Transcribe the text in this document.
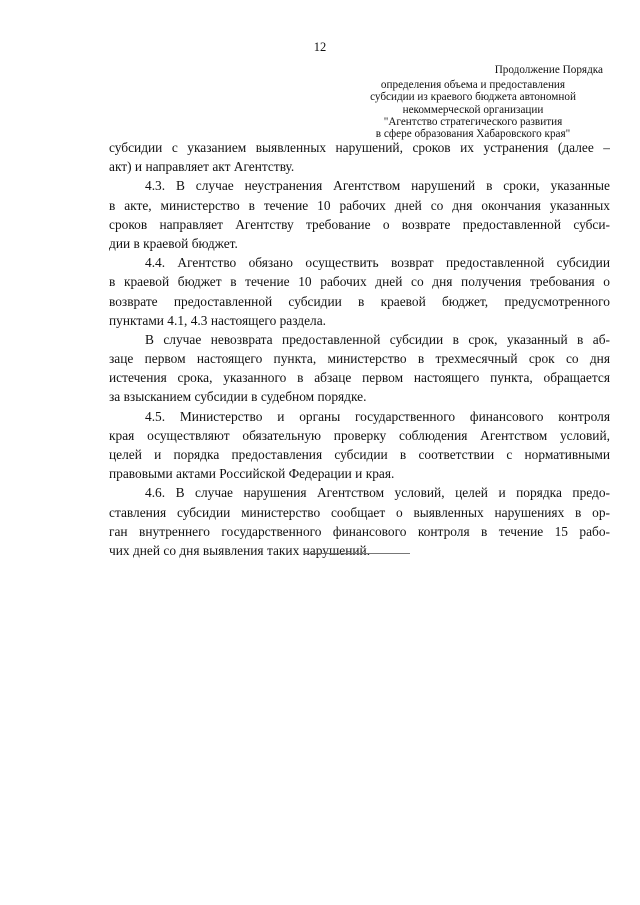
12
Продолжение Порядка
определения объема и предоставления
субсидии из краевого бюджета автономной
некоммерческой организации
"Агентство стратегического развития
в сфере образования Хабаровского края"
субсидии с указанием выявленных нарушений, сроков их устранения (далее –
акт) и направляет акт Агентству.
4.3. В случае неустранения Агентством нарушений в сроки, указанные
в акте, министерство в течение 10 рабочих дней со дня окончания указанных
сроков направляет Агентству требование о возврате предоставленной субси-
дии в краевой бюджет.
4.4. Агентство обязано осуществить возврат предоставленной субсидии
в краевой бюджет в течение 10 рабочих дней со дня получения требования о
возврате предоставленной субсидии в краевой бюджет, предусмотренного
пунктами 4.1, 4.3 настоящего раздела.
В случае невозврата предоставленной субсидии в срок, указанный в аб-
заце первом настоящего пункта, министерство в трехмесячный срок со дня
истечения срока, указанного в абзаце первом настоящего пункта, обращается
за взысканием субсидии в судебном порядке.
4.5. Министерство и органы государственного финансового контроля
края осуществляют обязательную проверку соблюдения Агентством условий,
целей и порядка предоставления субсидии в соответствии с нормативными
правовыми актами Российской Федерации и края.
4.6. В случае нарушения Агентством условий, целей и порядка предо-
ставления субсидии министерство сообщает о выявленных нарушениях в ор-
ган внутреннего государственного финансового контроля в течение 15 рабо-
чих дней со дня выявления таких нарушений.
